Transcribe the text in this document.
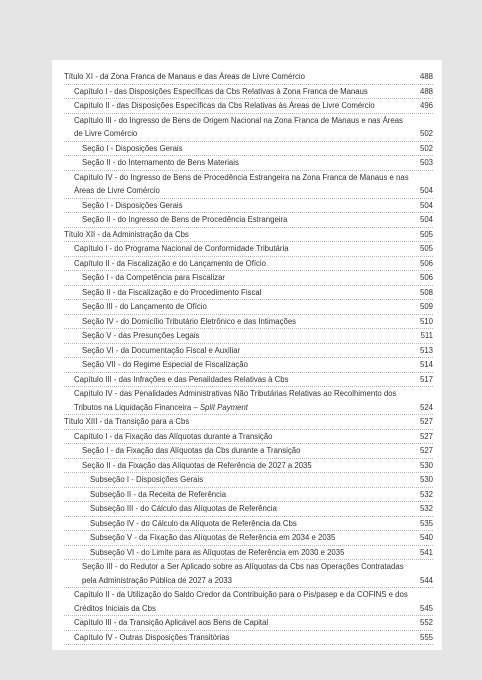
Título XI - da Zona Franca de Manaus e das Áreas de Livre Comércio	488
Capítulo I - das Disposições Específicas da Cbs Relativas à Zona Franca de Manaus	488
Capítulo II - das Disposições Específicas da Cbs Relativas às Áreas de Livre Comércio	496
Capítulo III - do Ingresso de Bens de Origem Nacional na Zona Franca de Manaus e nas Áreas de Livre Comércio	502
Seção I - Disposições Gerais	502
Seção II - do Internamento de Bens Materiais	503
Capítulo IV - do Ingresso de Bens de Procedência Estrangeira na Zona Franca de Manaus e nas Áreas de Livre Comércio	504
Seção I - Disposições Gerais	504
Seção II - do Ingresso de Bens de Procedência Estrangeira	504
Título XII - da Administração da Cbs	505
Capítulo I - do Programa Nacional de Conformidade Tributária	505
Capítulo II - da Fiscalização e do Lançamento de Ofício	506
Seção I - da Competência para Fiscalizar	506
Seção II - da Fiscalização e do Procedimento Fiscal	508
Seção III - do Lançamento de Ofício	509
Seção IV - do Domicílio Tributário Eletrônico e das Intimações	510
Seção V - das Presunções Legais	511
Seção VI - da Documentação Fiscal e Auxiliar	513
Seção VII - do Regime Especial de Fiscalização	514
Capítulo III - das Infrações e das Penalidades Relativas à Cbs	517
Capítulo IV - das Penalidades Administrativas Não Tributárias Relativas ao Recolhimento dos Tributos na Liquidação Financeira – Split Payment	524
Título XIII - da Transição para a Cbs	527
Capítulo I - da Fixação das Alíquotas durante a Transição	527
Seção I - da Fixação das Alíquotas da Cbs durante a Transição	527
Seção II - da Fixação das Alíquotas de Referência de 2027 a 2035	530
Subseção I - Disposições Gerais	530
Subseção II - da Receita de Referência	532
Subseção III - do Cálculo das Alíquotas de Referência	532
Subseção IV - do Cálculo da Alíquota de Referência da Cbs	535
Subseção V - da Fixação das Alíquotas de Referência em 2034 e 2035	540
Subseção VI - do Limite para as Alíquotas de Referência em 2030 e 2035	541
Seção III - do Redutor a Ser Aplicado sobre as Alíquotas da Cbs nas Operações Contratadas pela Administração Pública de 2027 a 2033	544
Capítulo II - da Utilização do Saldo Credor da Contribuição para o Pis/pasep e da COFINS e dos Créditos Iniciais da Cbs	545
Capítulo III - da Transição Aplicável aos Bens de Capital	552
Capítulo IV - Outras Disposições Transitórias	555
